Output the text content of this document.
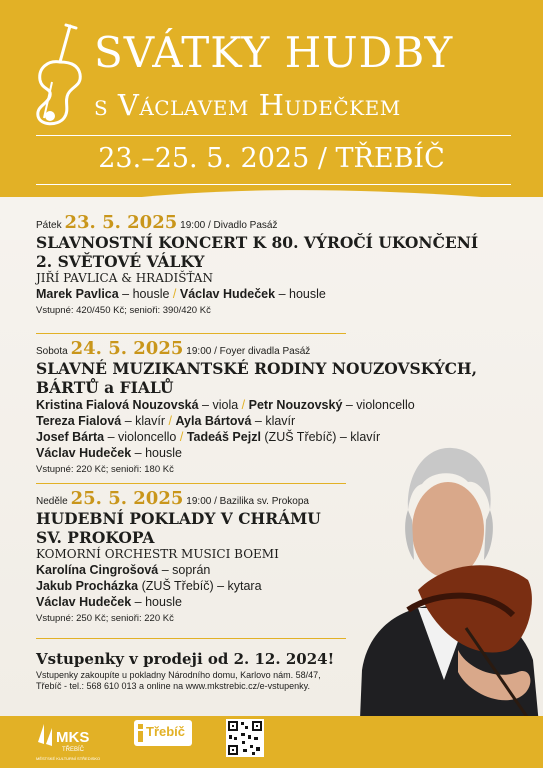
SVÁTKY HUDBY
s Václavem Hudečkem
23.–25. 5. 2025 / TŘEBÍČ
Pátek 23. 5. 2025 19:00 / Divadlo Pasáž
SLAVNOSTNÍ KONCERT K 80. VÝROČÍ UKONČENÍ
2. SVĚTOVÉ VÁLKY
JIŘÍ PAVLICA & HRADIŠŤAN
Marek Pavlica – housle / Václav Hudeček – housle
Vstupné: 420/450 Kč; senioři: 390/420 Kč
Sobota 24. 5. 2025 19:00 / Foyer divadla Pasáž
SLAVNÉ MUZIKANTSKÉ RODINY NOUZOVSKÝCH,
BÁRTŮ a FIALŮ
Kristina Fialová Nouzovská – viola / Petr Nouzovský – violoncello
Tereza Fialová – klavír / Ayla Bártová – klavír
Josef Bárta – violoncello / Tadeáš Pejzl (ZUŠ Třebíč) – klavír
Václav Hudeček – housle
Vstupné: 220 Kč; senioři: 180 Kč
Neděle 25. 5. 2025 19:00 / Bazilika sv. Prokopa
HUDEBNÍ POKLADY V CHRÁMU
SV. PROKOPA
KOMORNÍ ORCHESTR MUSICI BOEMI
Karolína Cingrošová – soprán
Jakub Procházka (ZUŠ Třebíč) – kytara
Václav Hudeček – housle
Vstupné: 250 Kč; senioři: 220 Kč
Vstupenky v prodeji od 2. 12. 2024!
Vstupenky zakoupíte u pokladny Národního domu, Karlovo nám. 58/47,
Třebíč - tel.: 568 610 013 a online na www.mkstrebic.cz/e-vstupenky.
MKS
TŘEBÍČ
MĚSTSKÉ KULTURNÍ STŘEDISKO
Třebíč
